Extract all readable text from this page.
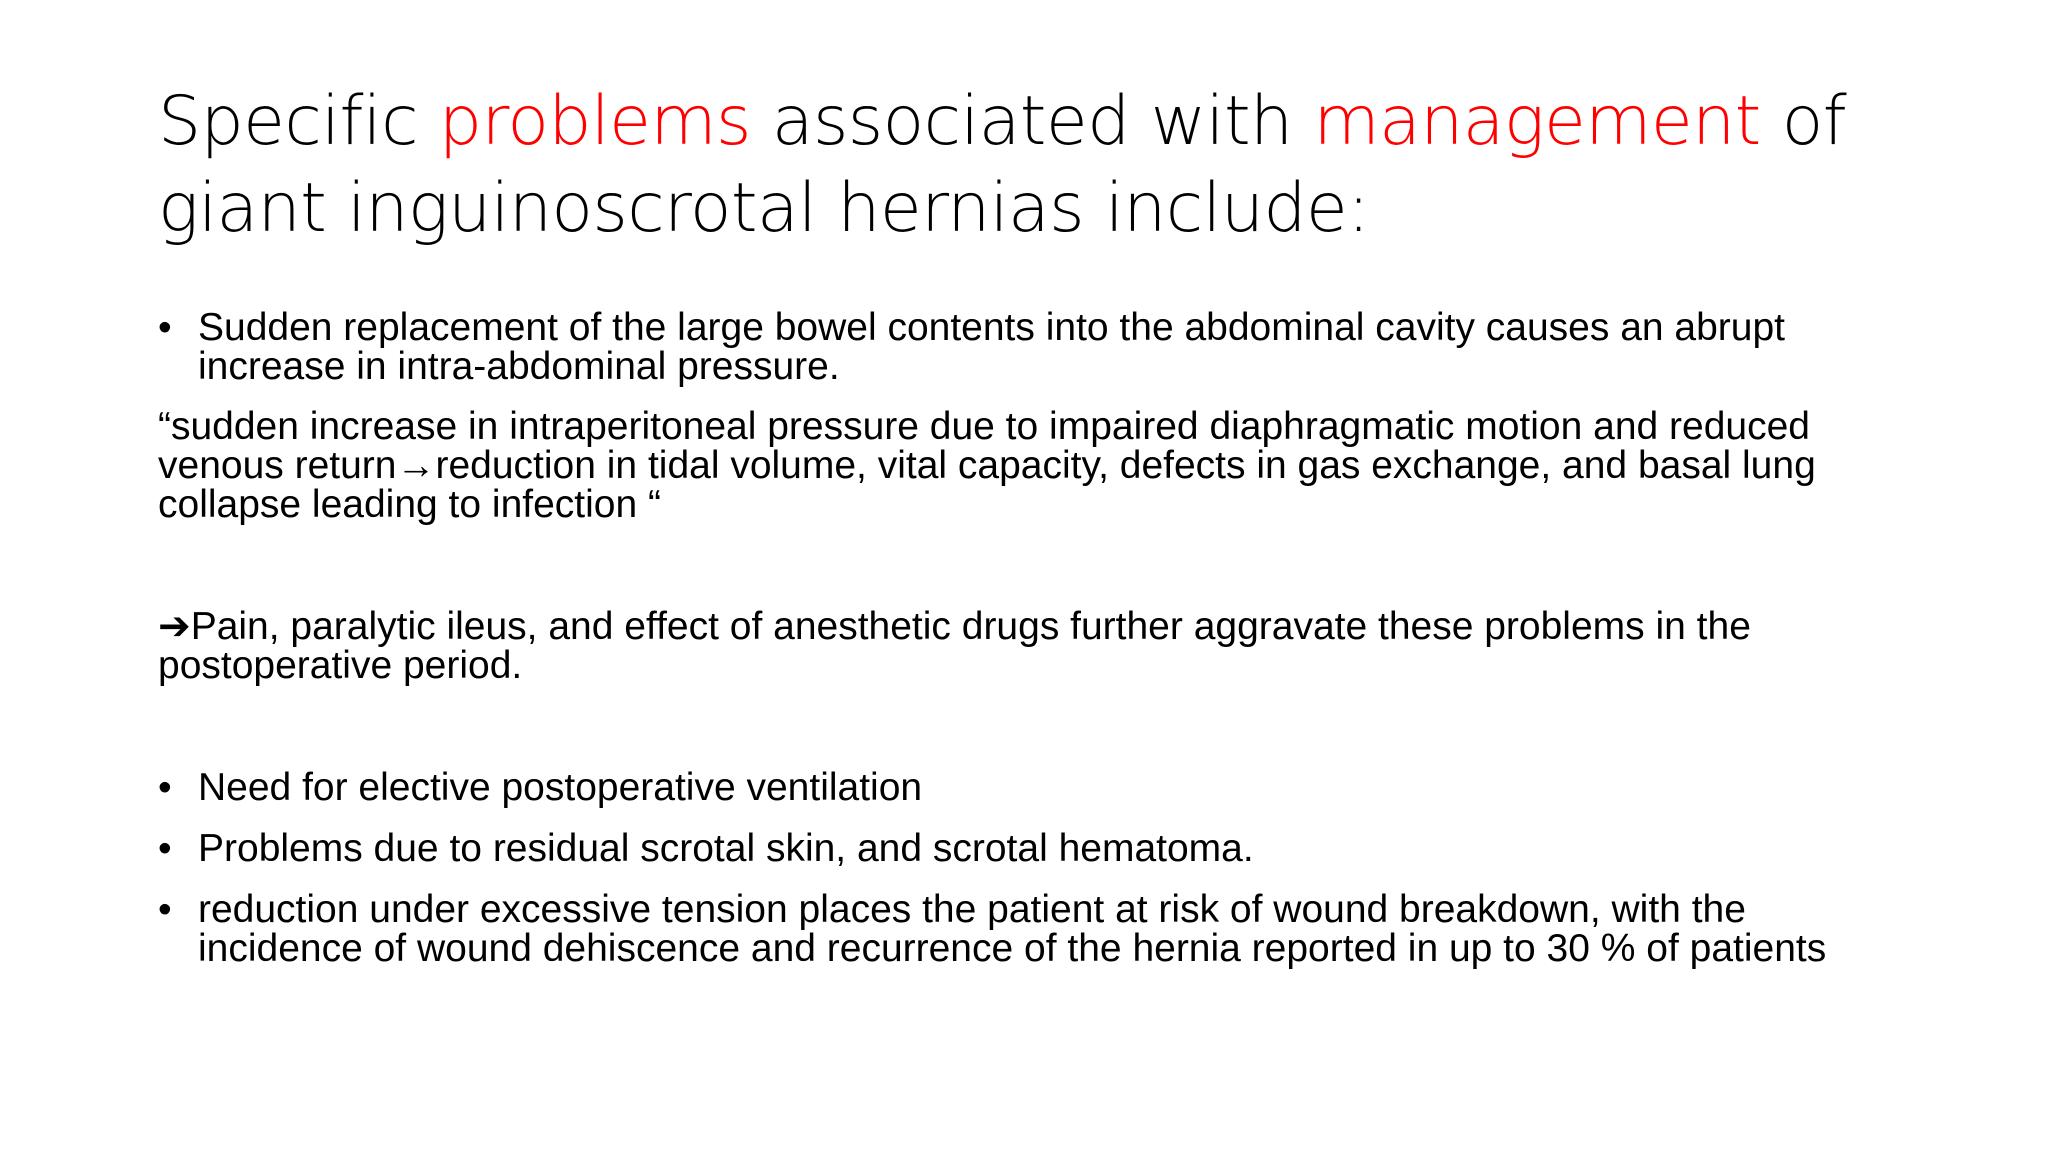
Specific problems associated with management of giant inguinoscrotal hernias include:

• Sudden replacement of the large bowel contents into the abdominal cavity causes an abrupt increase in intra-abdominal pressure.

“sudden increase in intraperitoneal pressure due to impaired diaphragmatic motion and reduced venous return→reduction in tidal volume, vital capacity, defects in gas exchange, and basal lung collapse leading to infection “

➔Pain, paralytic ileus, and effect of anesthetic drugs further aggravate these problems in the postoperative period.

• Need for elective postoperative ventilation

• Problems due to residual scrotal skin, and scrotal hematoma.

• reduction under excessive tension places the patient at risk of wound breakdown, with the incidence of wound dehiscence and recurrence of the hernia reported in up to 30 % of patients
